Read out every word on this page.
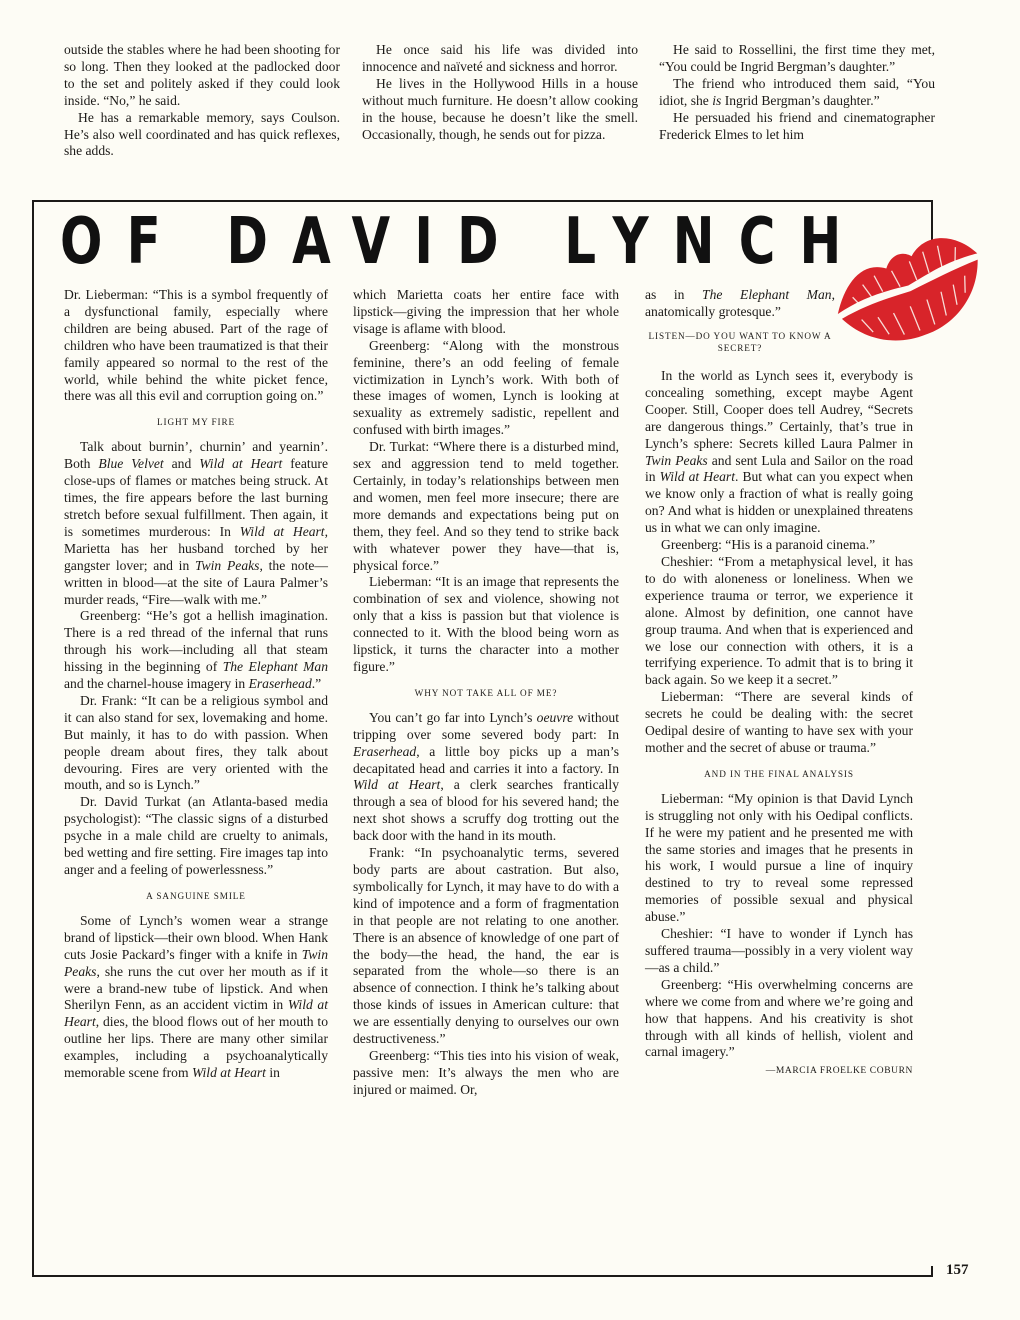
outside the stables where he had been shooting for so long. Then they looked at the padlocked door to the set and politely asked if they could look inside. “No,” he said.

He has a remarkable memory, says Coulson. He’s also well coordinated and has quick reflexes, she adds.

He once said his life was divided into innocence and naïveté and sickness and horror.

He lives in the Hollywood Hills in a house without much furniture. He doesn’t allow cooking in the house, because he doesn’t like the smell. Occasionally, though, he sends out for pizza.

He said to Rossellini, the first time they met, “You could be Ingrid Bergman’s daughter.”

The friend who introduced them said, “You idiot, she is Ingrid Bergman’s daughter.”

He persuaded his friend and cinematographer Frederick Elmes to let him

OF DAVID LYNCH

Dr. Lieberman: “This is a symbol frequently of a dysfunctional family, especially where children are being abused. Part of the rage of children who have been traumatized is that their family appeared so normal to the rest of the world, while behind the white picket fence, there was all this evil and corruption going on.”

LIGHT MY FIRE

Talk about burnin’, churnin’ and yearnin’. Both Blue Velvet and Wild at Heart feature close-ups of flames or matches being struck. At times, the fire appears before the last burning stretch before sexual fulfillment. Then again, it is sometimes murderous: In Wild at Heart, Marietta has her husband torched by her gangster lover; and in Twin Peaks, the note—written in blood—at the site of Laura Palmer’s murder reads, “Fire—walk with me.”

Greenberg: “He’s got a hellish imagination. There is a red thread of the infernal that runs through his work—including all that steam hissing in the beginning of The Elephant Man and the charnel-house imagery in Eraserhead.”

Dr. Frank: “It can be a religious symbol and it can also stand for sex, lovemaking and home. But mainly, it has to do with passion. When people dream about fires, they talk about devouring. Fires are very oriented with the mouth, and so is Lynch.”

Dr. David Turkat (an Atlanta-based media psychologist): “The classic signs of a disturbed psyche in a male child are cruelty to animals, bed wetting and fire setting. Fire images tap into anger and a feeling of powerlessness.”

A SANGUINE SMILE

Some of Lynch’s women wear a strange brand of lipstick—their own blood. When Hank cuts Josie Packard’s finger with a knife in Twin Peaks, she runs the cut over her mouth as if it were a brand-new tube of lipstick. And when Sherilyn Fenn, as an accident victim in Wild at Heart, dies, the blood flows out of her mouth to outline her lips. There are many other similar examples, including a psychoanalytically memorable scene from Wild at Heart in

which Marietta coats her entire face with lipstick—giving the impression that her whole visage is aflame with blood.

Greenberg: “Along with the monstrous feminine, there’s an odd feeling of female victimization in Lynch’s work. With both of these images of women, Lynch is looking at sexuality as extremely sadistic, repellent and confused with birth images.”

Dr. Turkat: “Where there is a disturbed mind, sex and aggression tend to meld together. Certainly, in today’s relationships between men and women, men feel more insecure; there are more demands and expectations being put on them, they feel. And so they tend to strike back with whatever power they have—that is, physical force.”

Lieberman: “It is an image that represents the combination of sex and violence, showing not only that a kiss is passion but that violence is connected to it. With the blood being worn as lipstick, it turns the character into a mother figure.”

WHY NOT TAKE ALL OF ME?

You can’t go far into Lynch’s oeuvre without tripping over some severed body part: In Eraserhead, a little boy picks up a man’s decapitated head and carries it into a factory. In Wild at Heart, a clerk searches frantically through a sea of blood for his severed hand; the next shot shows a scruffy dog trotting out the back door with the hand in its mouth.

Frank: “In psychoanalytic terms, severed body parts are about castration. But also, symbolically for Lynch, it may have to do with a kind of impotence and a form of fragmentation in that people are not relating to one another. There is an absence of knowledge of one part of the body—the head, the hand, the ear is separated from the whole—so there is an absence of connection. I think he’s talking about those kinds of issues in American culture: that we are essentially denying to ourselves our own destructiveness.”

Greenberg: “This ties into his vision of weak, passive men: It’s always the men who are injured or maimed. Or,

as in The Elephant Man, anatomically grotesque.”

LISTEN—DO YOU WANT TO KNOW A SECRET?

In the world as Lynch sees it, everybody is concealing something, except maybe Agent Cooper. Still, Cooper does tell Audrey, “Secrets are dangerous things.” Certainly, that’s true in Lynch’s sphere: Secrets killed Laura Palmer in Twin Peaks and sent Lula and Sailor on the road in Wild at Heart. But what can you expect when we know only a fraction of what is really going on? And what is hidden or unexplained threatens us in what we can only imagine.

Greenberg: “His is a paranoid cinema.”

Cheshier: “From a metaphysical level, it has to do with aloneness or loneliness. When we experience trauma or terror, we experience it alone. Almost by definition, one cannot have group trauma. And when that is experienced and we lose our connection with others, it is a terrifying experience. To admit that is to bring it back again. So we keep it a secret.”

Lieberman: “There are several kinds of secrets he could be dealing with: the secret Oedipal desire of wanting to have sex with your mother and the secret of abuse or trauma.”

AND IN THE FINAL ANALYSIS

Lieberman: “My opinion is that David Lynch is struggling not only with his Oedipal conflicts. If he were my patient and he presented me with the same stories and images that he presents in his work, I would pursue a line of inquiry destined to try to reveal some repressed memories of possible sexual and physical abuse.”

Cheshier: “I have to wonder if Lynch has suffered trauma—possibly in a very violent way—as a child.”

Greenberg: “His overwhelming concerns are where we come from and where we’re going and how that happens. And his creativity is shot through with all kinds of hellish, violent and carnal imagery.”

—MARCIA FROELKE COBURN

157
